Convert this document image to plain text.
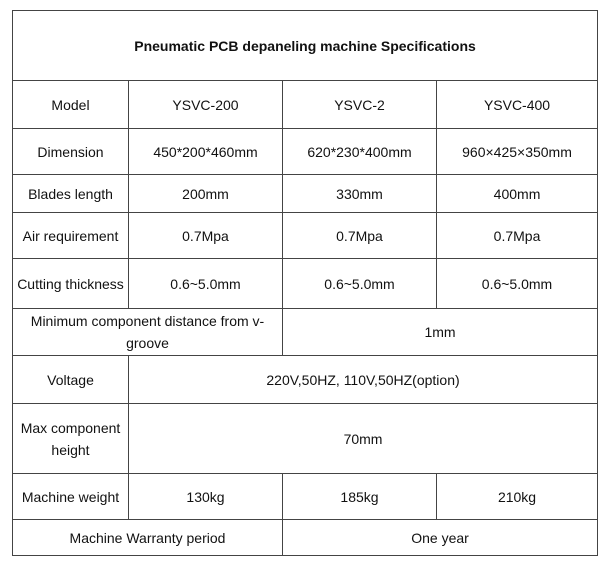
Pneumatic PCB depaneling machine Specifications			
Model	YSVC-200	YSVC-2	YSVC-400
Dimension	450*200*460mm	620*230*400mm	960×425×350mm
Blades length	200mm	330mm	400mm
Air requirement	0.7Mpa	0.7Mpa	0.7Mpa
Cutting thickness	0.6~5.0mm	0.6~5.0mm	0.6~5.0mm
Minimum component distance from v-groove		1mm	
Voltage	220V,50HZ, 110V,50HZ(option)		
Max component height	70mm		
Machine weight	130kg	185kg	210kg
Machine Warranty period		One year	
